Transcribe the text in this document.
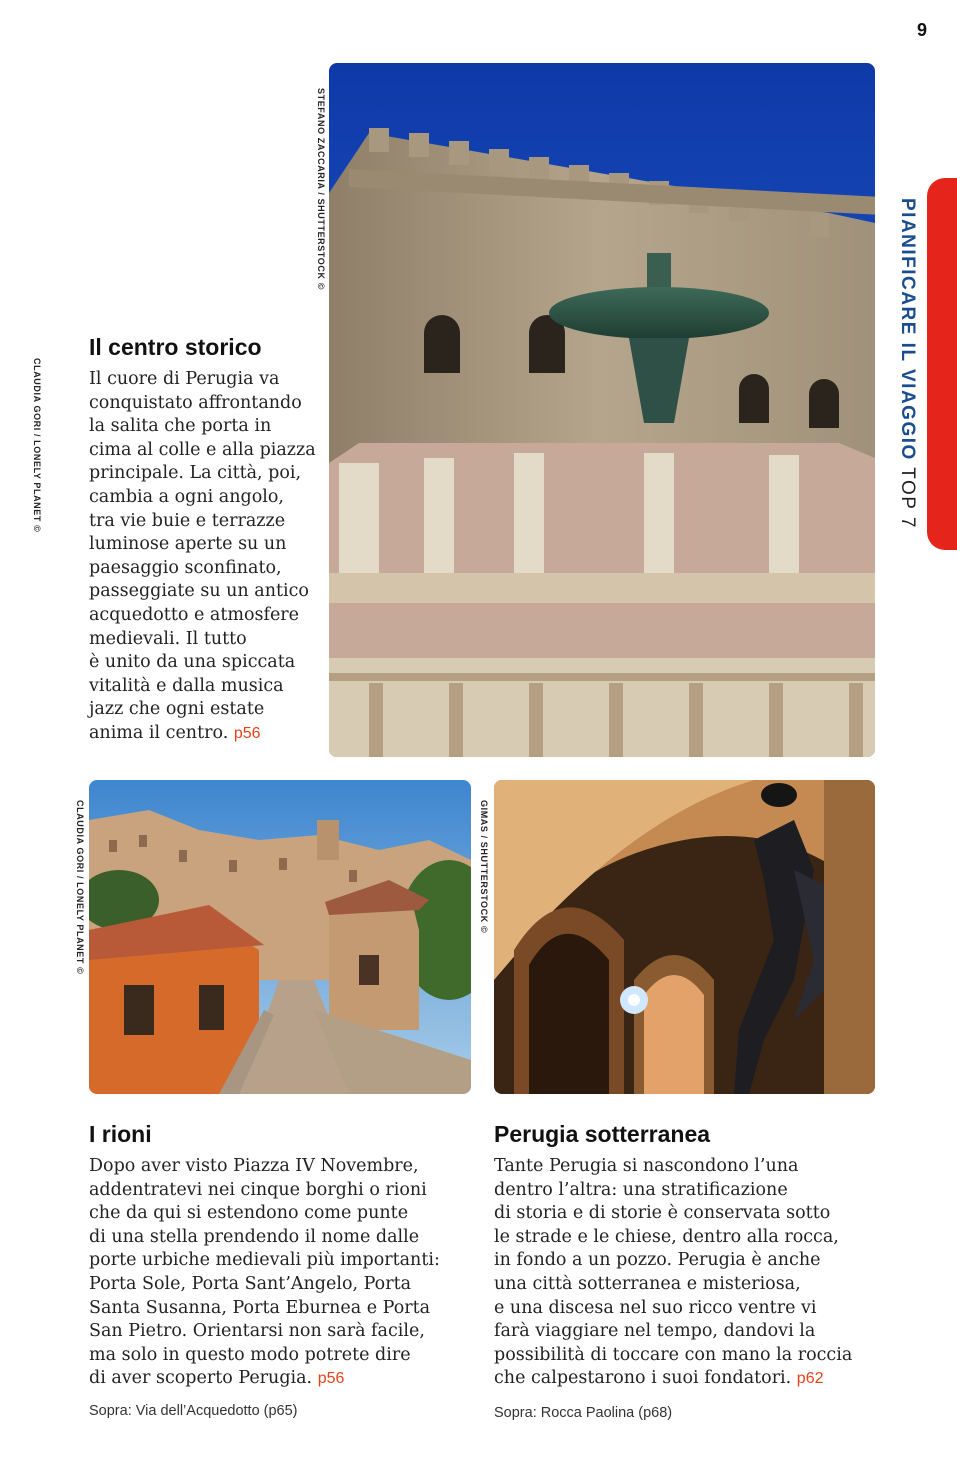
9
PIANIFICARE IL VIAGGIO TOP 7
STEFANO ZACCARIA / SHUTTERSTOCK ©
CLAUDIA GORI / LONELY PLANET ©
CLAUDIA GORI / LONELY PLANET ©	GIMAS / SHUTTERSTOCK ©
Il centro storico
Il cuore di Perugia va
conquistato affrontando
la salita che porta in
cima al colle e alla piazza
principale. La città, poi,
cambia a ogni angolo,
tra vie buie e terrazze
luminose aperte su un
paesaggio sconfinato,
passeggiate su un antico
acquedotto e atmosfere
medievali. Il tutto
è unito da una spiccata
vitalità e dalla musica
jazz che ogni estate
anima il centro. p56
I rioni
Dopo aver visto Piazza IV Novembre,
addentratevi nei cinque borghi o rioni
che da qui si estendono come punte
di una stella prendendo il nome dalle
porte urbiche medievali più importanti:
Porta Sole, Porta Sant’Angelo, Porta
Santa Susanna, Porta Eburnea e Porta
San Pietro. Orientarsi non sarà facile,
ma solo in questo modo potrete dire
di aver scoperto Perugia. p56
Sopra: Via dell’Acquedotto (p65)
Perugia sotterranea
Tante Perugia si nascondono l’una
dentro l’altra: una stratificazione
di storia e di storie è conservata sotto
le strade e le chiese, dentro alla rocca,
in fondo a un pozzo. Perugia è anche
una città sotterranea e misteriosa,
e una discesa nel suo ricco ventre vi
farà viaggiare nel tempo, dandovi la
possibilità di toccare con mano la roccia
che calpestarono i suoi fondatori. p62
Sopra: Rocca Paolina (p68)
